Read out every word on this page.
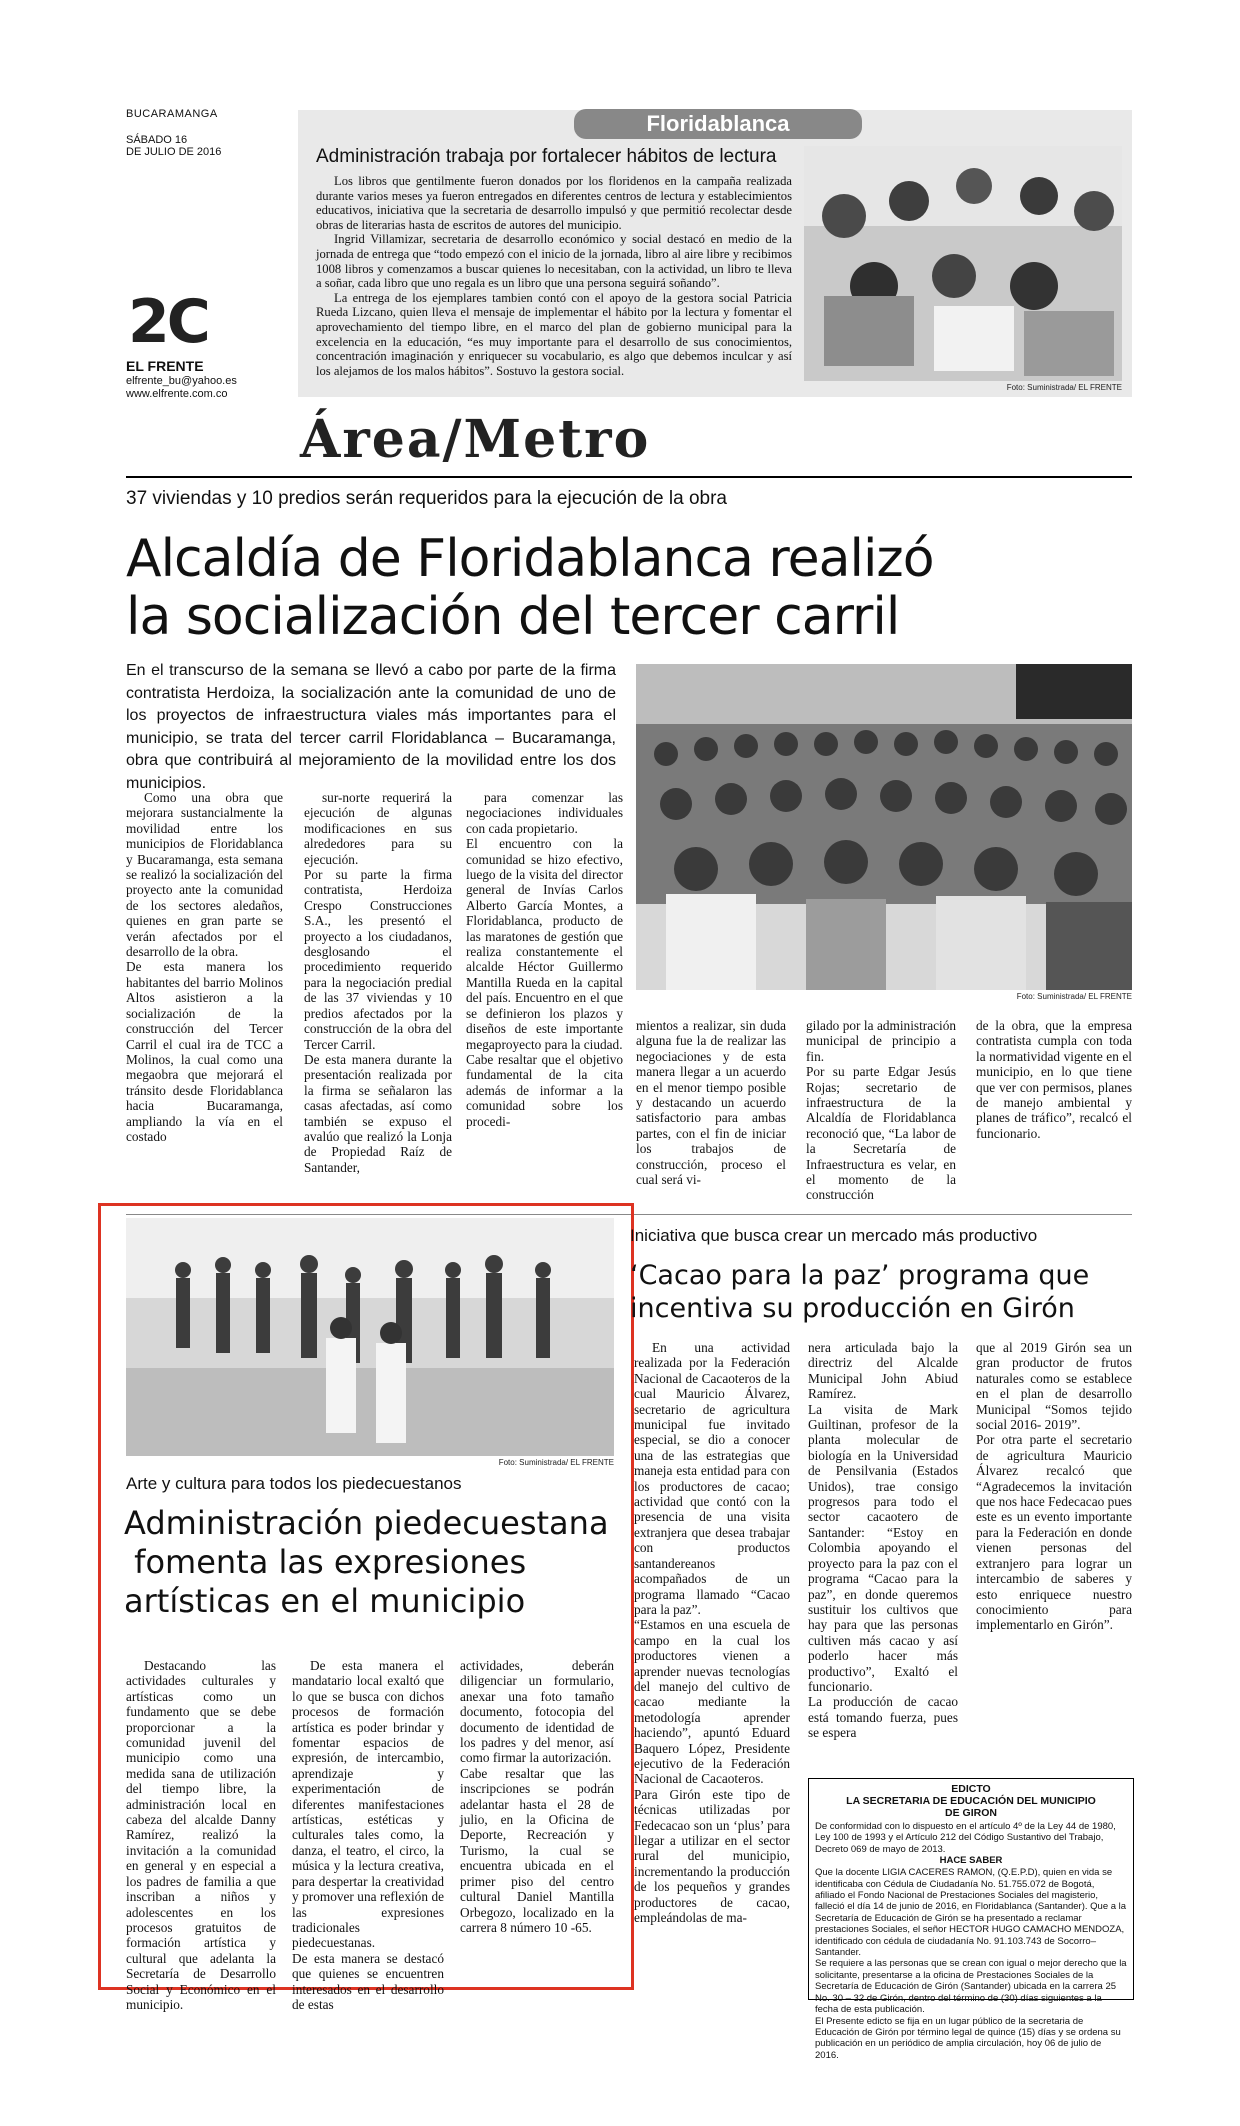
BUCARAMANGA
SÁBADO 16
DE JULIO DE 2016
2C
EL FRENTE
elfrente_bu@yahoo.es
www.elfrente.com.co
Floridablanca
Administración trabaja por fortalecer hábitos de lectura

Los libros que gentilmente fueron donados por los floridenos en la campaña realizada durante varios meses ya fueron entregados en diferentes centros de lectura y establecimientos educativos, iniciativa que la secretaria de desarrollo impulsó y que permitió recolectar desde obras de literarias hasta de escritos de autores del municipio.

Ingrid Villamizar, secretaria de desarrollo económico y social destacó en medio de la jornada de entrega que “todo empezó con el inicio de la jornada, libro al aire libre y recibimos 1008 libros y comenzamos a buscar quienes lo necesitaban, con la actividad, un libro te lleva a soñar, cada libro que uno regala es un libro que una persona seguirá soñando”.

La entrega de los ejemplares tambien contó con el apoyo de la gestora social Patricia Rueda Lizcano, quien lleva el mensaje de implementar el hábito por la lectura y fomentar el aprovechamiento del tiempo libre, en el marco del plan de gobierno municipal para la excelencia en la educación, “es muy importante para el desarrollo de sus conocimientos, concentración imaginación y enriquecer su vocabulario, es algo que debemos inculcar y así los alejamos de los malos hábitos”. Sostuvo la gestora social.

Foto: Suministrada/ EL FRENTE
Área/Metro
37 viviendas y 10 predios serán requeridos para la ejecución de la obra
Alcaldía de Floridablanca realizó
la socialización del tercer carril
En el transcurso de la semana se llevó a cabo por parte de la firma contratista Herdoiza, la socialización ante la comunidad de uno de los proyectos de infraestructura viales más importantes para el municipio, se trata del tercer carril Floridablanca – Bucaramanga, obra que contribuirá al mejoramiento de la movilidad entre los dos municipios.
Foto: Suministrada/ EL FRENTE

Como una obra que mejorara sustancialmente la movilidad entre los municipios de Floridablanca y Bucaramanga, esta semana se realizó la socialización del proyecto ante la comunidad de los sectores aledaños, quienes en gran parte se verán afectados por el desarrollo de la obra.
De esta manera los habitantes del barrio Molinos Altos asistieron a la socialización de la construcción del Tercer Carril el cual ira de TCC a Molinos, la cual como una megaobra que mejorará el tránsito desde Floridablanca hacia Bucaramanga, ampliando la vía en el costado

sur-norte requerirá la ejecución de algunas modificaciones en sus alrededores para su ejecución.
Por su parte la firma contratista, Herdoiza Crespo Construcciones S.A., les presentó el proyecto a los ciudadanos, desglosando el procedimiento requerido para la negociación predial de las 37 viviendas y 10 predios afectados por la construcción de la obra del Tercer Carril.
De esta manera durante la presentación realizada por la firma se señalaron las casas afectadas, así como también se expuso el avalúo que realizó la Lonja de Propiedad Raíz de Santander,

para comenzar las negociaciones individuales con cada propietario.
El encuentro con la comunidad se hizo efectivo, luego de la visita del director general de Invías Carlos Alberto García Montes, a Floridablanca, producto de las maratones de gestión que realiza constantemente el alcalde Héctor Guillermo Mantilla Rueda en la capital del país. Encuentro en el que se definieron los plazos y diseños de este importante megaproyecto para la ciudad.
Cabe resaltar que el objetivo fundamental de la cita además de informar a la comunidad sobre los procedi-

mientos a realizar, sin duda alguna fue la de realizar las negociaciones y de esta manera llegar a un acuerdo en el menor tiempo posible y destacando un acuerdo satisfactorio para ambas partes, con el fin de iniciar los trabajos de construcción, proceso el cual será vi-

gilado por la administración municipal de principio a fin.
Por su parte Edgar Jesús Rojas; secretario de infraestructura de la Alcaldía de Floridablanca reconoció que, “La labor de la Secretaría de Infraestructura es velar, en el momento de la construcción

de la obra, que la empresa contratista cumpla con toda la normatividad vigente en el municipio, en lo que tiene que ver con permisos, planes de manejo ambiental y planes de tráfico”, recalcó el funcionario.

Foto: Suministrada/ EL FRENTE
Arte y cultura para todos los piedecuestanos
Administración piedecuestana
fomenta las expresiones
artísticas en el municipio

Destacando las actividades culturales y artísticas como un fundamento que se debe proporcionar a la comunidad juvenil del municipio como una medida sana de utilización del tiempo libre, la administración local en cabeza del alcalde Danny Ramírez, realizó la invitación a la comunidad en general y en especial a los padres de familia a que inscriban a niños y adolescentes en los procesos gratuitos de formación artística y cultural que adelanta la Secretaría de Desarrollo Social y Económico en el municipio.

De esta manera el mandatario local exaltó que lo que se busca con dichos procesos de formación artística es poder brindar y fomentar espacios de expresión, de intercambio, aprendizaje y experimentación de diferentes manifestaciones artísticas, estéticas y culturales tales como, la danza, el teatro, el circo, la música y la lectura creativa, para despertar la creatividad y promover una reflexión de las expresiones tradicionales piedecuestanas.
De esta manera se destacó que quienes se encuentren interesados en el desarrollo de estas

actividades, deberán diligenciar un formulario, anexar una foto tamaño documento, fotocopia del documento de identidad de los padres y del menor, así como firmar la autorización.
Cabe resaltar que las inscripciones se podrán adelantar hasta el 28 de julio, en la Oficina de Deporte, Recreación y Turismo, la cual se encuentra ubicada en el primer piso del centro cultural Daniel Mantilla Orbegozo, localizado en la carrera 8 número 10 -65.

Iniciativa que busca crear un mercado más productivo
‘Cacao para la paz’ programa que
incentiva su producción en Girón

En una actividad realizada por la Federación Nacional de Cacaoteros de la cual Mauricio Álvarez, secretario de agricultura municipal fue invitado especial, se dio a conocer una de las estrategias que maneja esta entidad para con los productores de cacao; actividad que contó con la presencia de una visita extranjera que desea trabajar con productos santandereanos acompañados de un programa llamado “Cacao para la paz”.
“Estamos en una escuela de campo en la cual los productores vienen a aprender nuevas tecnologías del manejo del cultivo de cacao mediante la metodología aprender haciendo”, apuntó Eduard Baquero López, Presidente ejecutivo de la Federación Nacional de Cacaoteros.
Para Girón este tipo de técnicas utilizadas por Fedecacao son un ‘plus’ para llegar a utilizar en el sector rural del municipio, incrementando la producción de los pequeños y grandes productores de cacao, empleándolas de ma-

nera articulada bajo la directriz del Alcalde Municipal John Abiud Ramírez.
La visita de Mark Guiltinan, profesor de la planta molecular de biología en la Universidad de Pensilvania (Estados Unidos), trae consigo progresos para todo el sector cacaotero de Santander: “Estoy en Colombia apoyando el proyecto para la paz con el programa “Cacao para la paz”, en donde queremos sustituir los cultivos que hay para que las personas cultiven más cacao y así poderlo hacer más productivo”, Exaltó el funcionario.
La producción de cacao está tomando fuerza, pues se espera

que al 2019 Girón sea un gran productor de frutos naturales como se establece en el plan de desarrollo Municipal “Somos tejido social 2016- 2019”.
Por otra parte el secretario de agricultura Mauricio Álvarez recalcó que “Agradecemos la invitación que nos hace Fedecacao pues este es un evento importante para la Federación en donde vienen personas del extranjero para lograr un intercambio de saberes y esto enriquece nuestro conocimiento para implementarlo en Girón”.

EDICTO
LA SECRETARIA DE EDUCACIÓN DEL MUNICIPIO
DE GIRON
De conformidad con lo dispuesto en el artículo 4º de la Ley 44 de 1980, Ley 100 de 1993 y el Artículo 212 del Código Sustantivo del Trabajo, Decreto 069 de mayo de 2013.
HACE SABER
Que la docente LIGIA CACERES RAMON, (Q.E.P.D), quien en vida se identificaba con Cédula de Ciudadanía No. 51.755.072 de Bogotá, afiliado el Fondo Nacional de Prestaciones Sociales del magisterio, falleció el día 14 de junio de 2016, en Floridablanca (Santander). Que a la Secretaría de Educación de Girón se ha presentado a reclamar prestaciones Sociales, el señor HECTOR HUGO CAMACHO MENDOZA, identificado con cédula de ciudadanía No. 91.103.743 de Socorro–Santander.
Se requiere a las personas que se crean con igual o mejor derecho que la solicitante, presentarse a la oficina de Prestaciones Sociales de la Secretaría de Educación de Girón (Santander) ubicada en la carrera 25 No. 30 – 32 de Girón, dentro del término de (30) días siguientes a la fecha de esta publicación.
El Presente edicto se fija en un lugar público de la secretaria de Educación de Girón por término legal de quince (15) días y se ordena su publicación en un periódico de amplia circulación, hoy 06 de julio de 2016.
